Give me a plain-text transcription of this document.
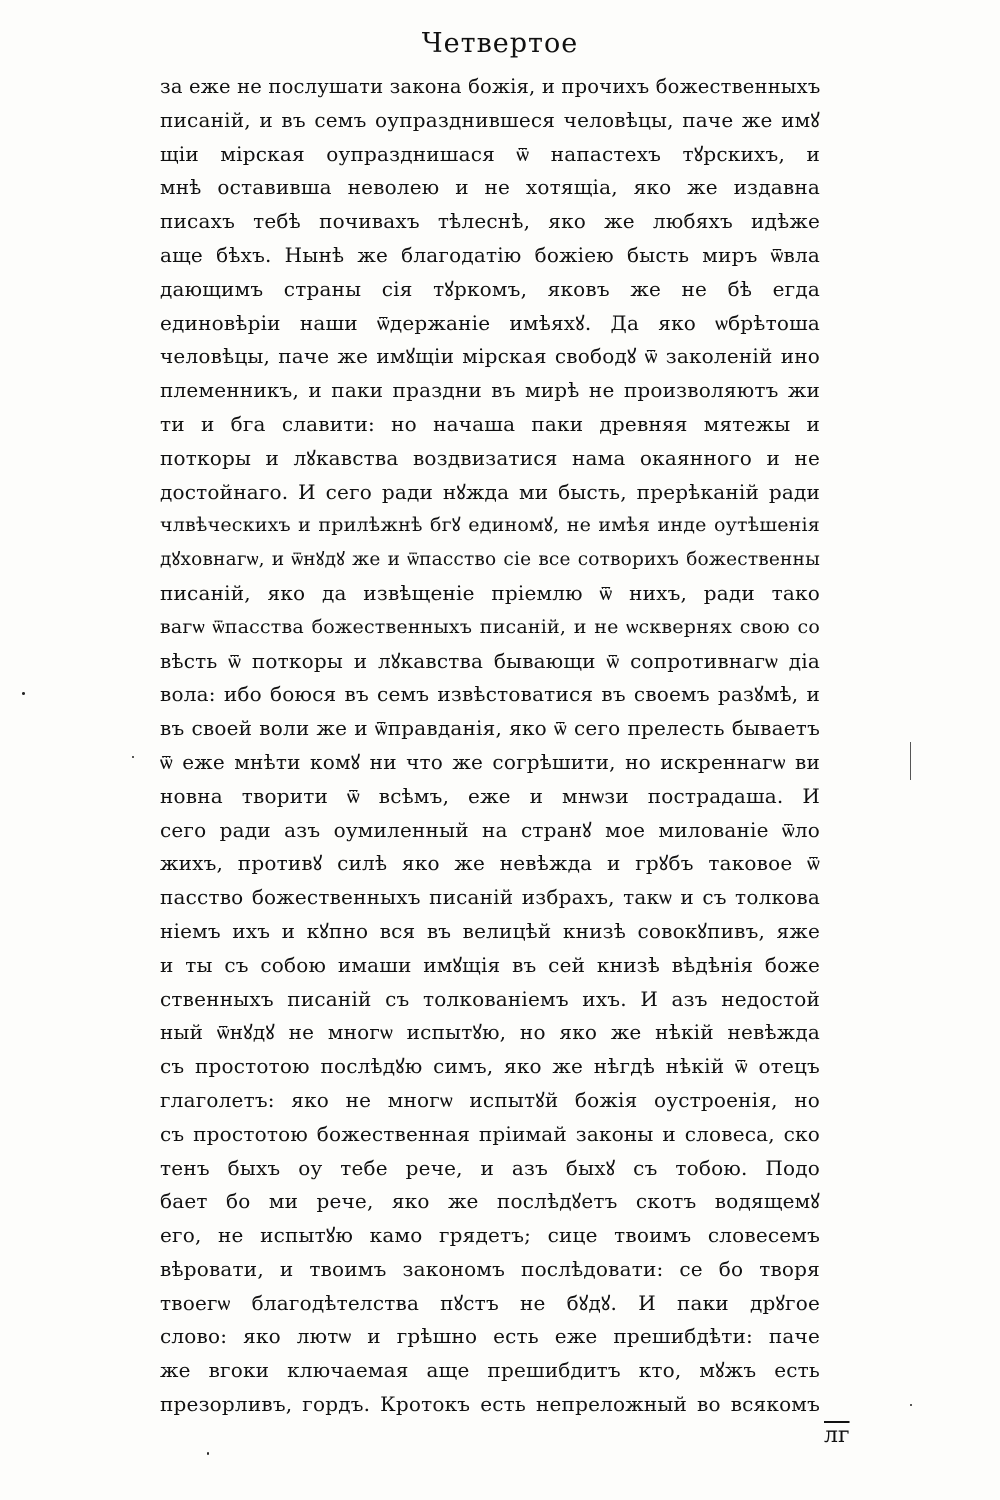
Четвертое
за еже не послушати закона божія, и прочихъ божественныхъ
писаній, и въ семъ оупразднившеся человѣцы, паче же имꙋ
щіи мірская оупразднишася ѿ напастехъ тꙋрскихъ, и
мнѣ оставивша неволею и не хотящіа, яко же издавна
писахъ тебѣ почивахъ тѣлеснѣ, яко же любяхъ идѣже
аще бѣхъ. Нынѣ же благодатію божіею бысть миръ ѿвла
дающимъ страны сія тꙋркомъ, яковъ же не бѣ егда
единовѣріи наши ѿдержаніе имѣяхꙋ. Да яко ѡбрѣтоша
человѣцы, паче же имꙋщіи мірская свободꙋ ѿ заколеній ино
племенникъ, и паки праздни въ мирѣ не произволяютъ жи
ти и бга славити: но начаша паки древняя мятежы и
поткоры и лꙋкавства воздвизатися нама окаянного и не
достойнаго. И сего ради нꙋжда ми бысть, прерѣканій ради
члвѣческихъ и прилѣжнѣ бгꙋ единомꙋ, не имѣя инде оутѣшенія
дꙋховнагѡ, и ѿнꙋдꙋ же и ѿпасство сіе все сотворихъ божественны
писаній, яко да извѣщеніе пріемлю ѿ нихъ, ради тако
вагѡ ѿпасства божественныхъ писаній, и не ѡсквернях свою со
вѣсть ѿ поткоры и лꙋкавства бывающи ѿ сопротивнагѡ діа
вола: ибо боюся въ семъ извѣстоватися въ своемъ разꙋмѣ, и
въ своей воли же и ѿправданія, яко ѿ сего прелесть бываетъ
ѿ еже мнѣти комꙋ ни что же согрѣшити, но искреннагѡ ви
новна творити ѿ всѣмъ, еже и мнѡзи пострадаша. И
сего ради азъ оумиленный на странꙋ мое милованіе ѿло
жихъ, противꙋ силѣ яко же невѣжда и грꙋбъ таковое ѿ
пасство божественныхъ писаній избрахъ, такѡ и съ толкова
ніемъ ихъ и кꙋпно вся въ велицѣй книзѣ совокꙋпивъ, яже
и ты съ собою имаши имꙋщія въ сей книзѣ вѣдѣнія боже
ственныхъ писаній съ толкованіемъ ихъ. И азъ недостой
ный ѿнꙋдꙋ не многѡ испытꙋю, но яко же нѣкій невѣжда
съ простотою послѣдꙋю симъ, яко же нѣгдѣ нѣкій ѿ отецъ
глаголетъ: яко не многѡ испытꙋй божія оустроенія, но
съ простотою божественная пріимай законы и словеса, ско
тенъ быхъ оу тебе рече, и азъ быхꙋ съ тобою. Подо
бает бо ми рече, яко же послѣдꙋетъ скотъ водящемꙋ
его, не испытꙋю камо грядетъ; сице твоимъ словесемъ
вѣровати, и твоимъ закономъ послѣдовати: се бо творя
твоегѡ благодѣтелства пꙋстъ не бꙋдꙋ. И паки дрꙋгое
слово: яко лютѡ и грѣшно есть еже прешибдѣти: паче
же вгоки ключаемая аще прешибдитъ кто, мꙋжъ есть
презорливъ, гордъ. Кротокъ есть непреложный во всякомъ
лг
